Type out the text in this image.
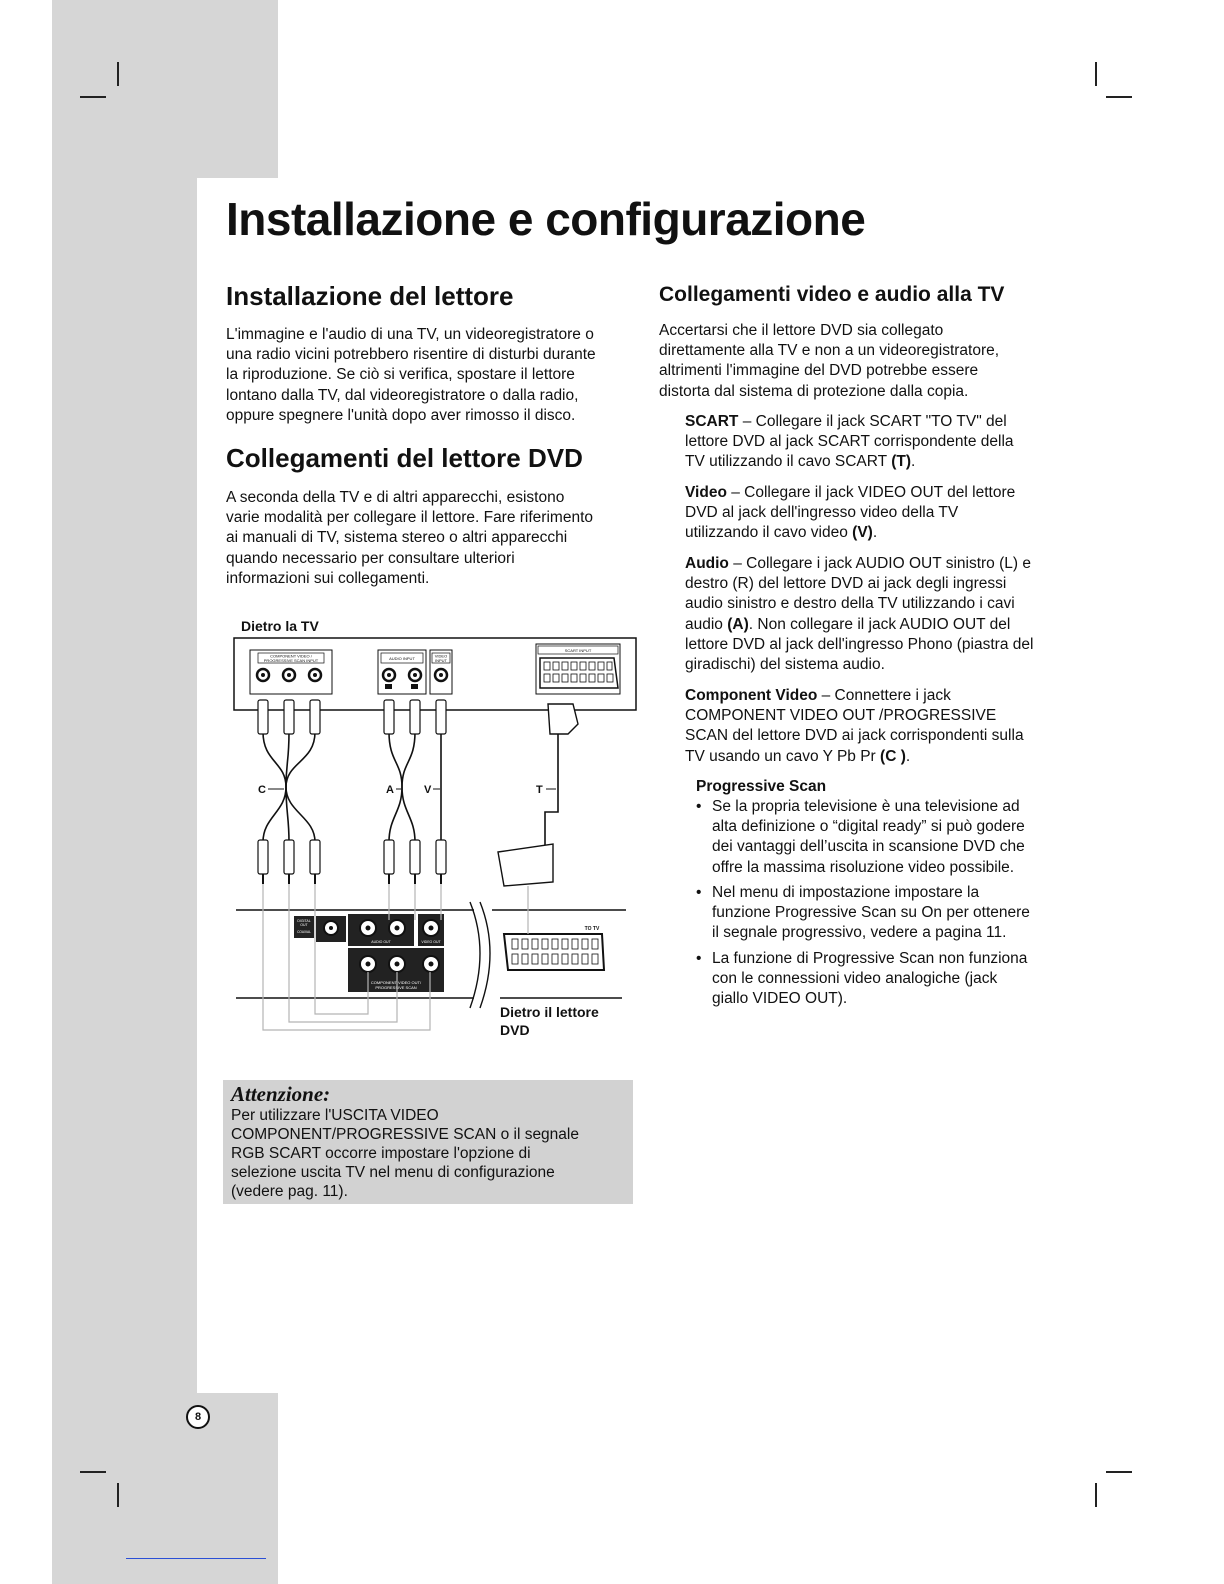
Installazione e configurazione
Installazione del lettore
L'immagine e l'audio di una TV, un videoregistratore o
una radio vicini potrebbero risentire di disturbi durante
la riproduzione. Se ciò si verifica, spostare il lettore
lontano dalla TV, dal videoregistratore o dalla radio,
oppure spegnere l'unità dopo aver rimosso il disco.
Collegamenti del lettore DVD
A seconda della TV e di altri apparecchi, esistono
varie modalità per collegare il lettore. Fare riferimento
ai manuali di TV, sistema stereo o altri apparecchi
quando necessario per consultare ulteriori
informazioni sui collegamenti.
Dietro la TV
COMPONENT VIDEO /
PROGRESSIVE SCAN INPUT	AUDIO INPUT	VIDEO
INPUT
SCART INPUT
C	A	V	T
DIGITAL
OUT
COAXIAL
AUDIO OUT	VIDEO OUT
COMPONENT VIDEO OUT/
PROGRESSIVE SCAN
TO TV
Dietro il lettore
DVD
Attenzione:
Per utilizzare l'USCITA VIDEO
COMPONENT/PROGRESSIVE SCAN o il segnale
RGB SCART occorre impostare l'opzione di
selezione uscita TV nel menu di configurazione
(vedere pag. 11).
Collegamenti video e audio alla TV
Accertarsi che il lettore DVD sia collegato
direttamente alla TV e non a un videoregistratore,
altrimenti l'immagine del DVD potrebbe essere
distorta dal sistema di protezione dalla copia.
SCART – Collegare il jack SCART "TO TV" del
lettore DVD al jack SCART corrispondente della
TV utilizzando il cavo SCART (T).
Video – Collegare il jack VIDEO OUT del lettore
DVD al jack dell'ingresso video della TV
utilizzando il cavo video (V).
Audio – Collegare i jack AUDIO OUT sinistro (L) e
destro (R) del lettore DVD ai jack degli ingressi
audio sinistro e destro della TV utilizzando i cavi
audio (A). Non collegare il jack AUDIO OUT del
lettore DVD al jack dell'ingresso Phono (piastra del
giradischi) del sistema audio.
Component Video – Connettere i jack
COMPONENT VIDEO OUT /PROGRESSIVE
SCAN del lettore DVD ai jack corrispondenti sulla
TV usando un cavo Y Pb Pr (C ).
Progressive Scan
• Se la propria televisione è una televisione ad
alta definizione o “digital ready” si può godere
dei vantaggi dell’uscita in scansione DVD che
offre la massima risoluzione video possibile.
• Nel menu di impostazione impostare la
funzione Progressive Scan su On per ottenere
il segnale progressivo, vedere a pagina 11.
• La funzione di Progressive Scan non funziona
con le connessioni video analogiche (jack
giallo VIDEO OUT).
8
